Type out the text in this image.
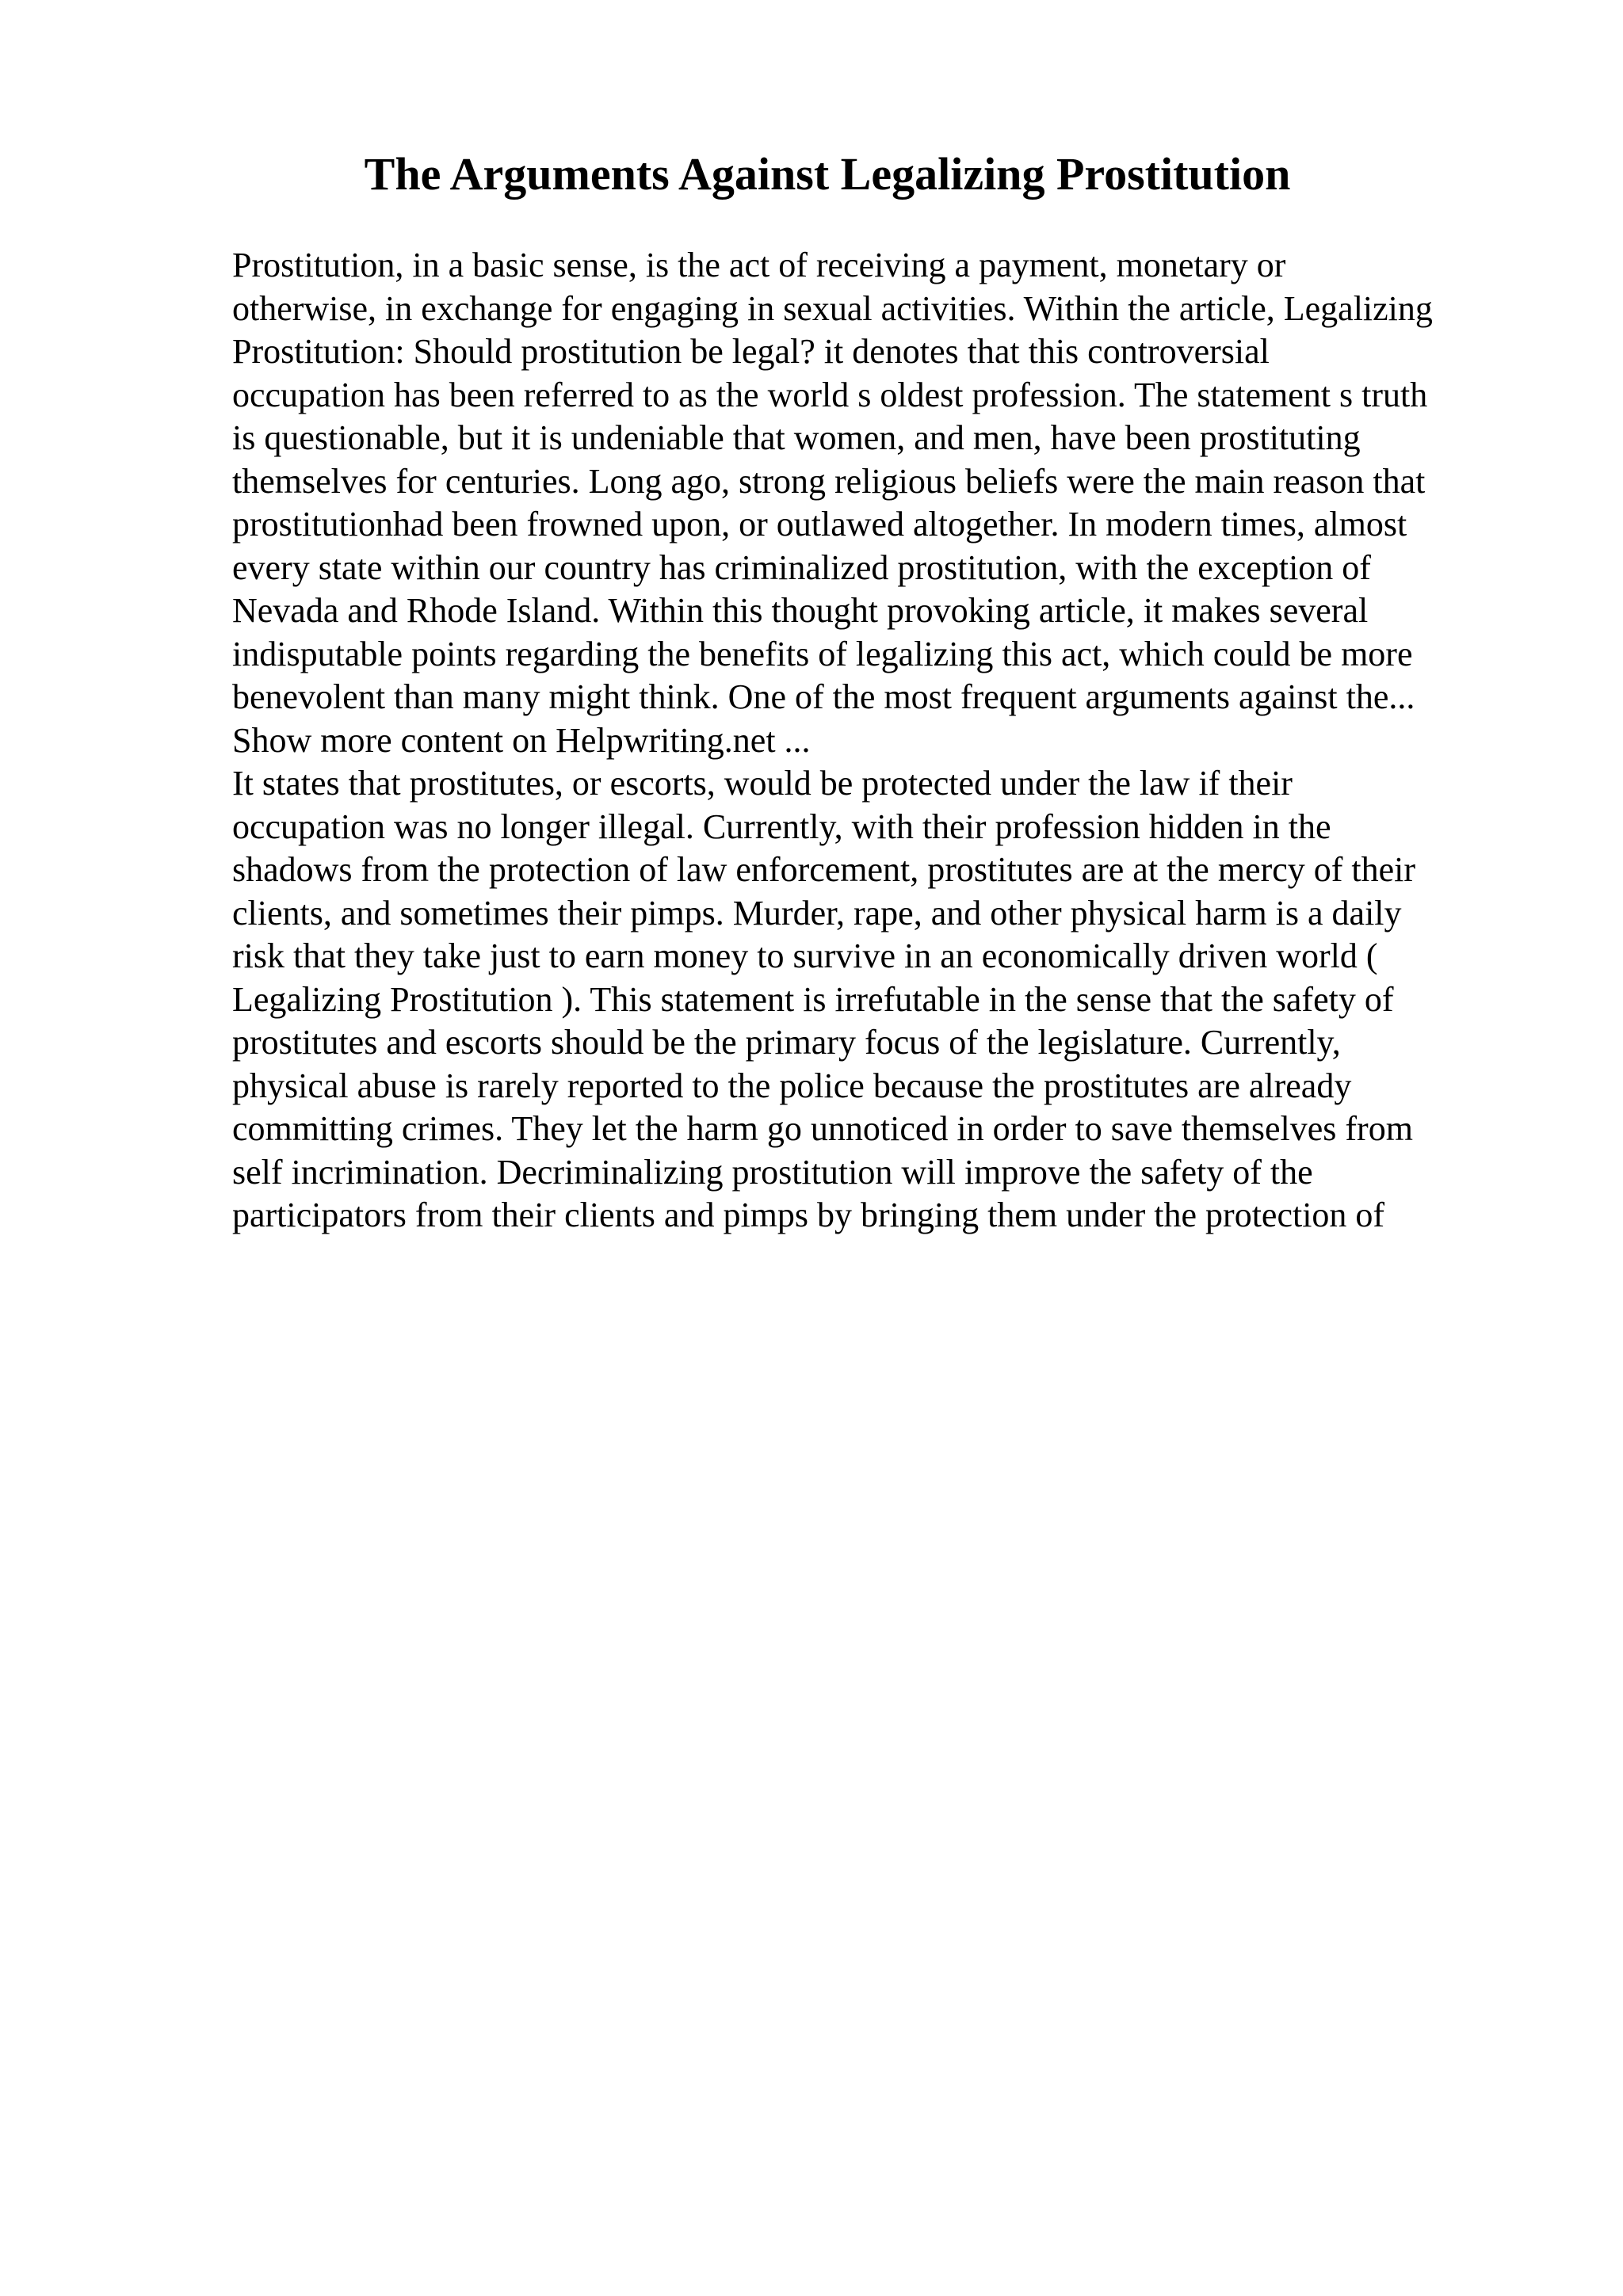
The Arguments Against Legalizing Prostitution
Prostitution, in a basic sense, is the act of receiving a payment, monetary or
otherwise, in exchange for engaging in sexual activities. Within the article, Legalizing
Prostitution: Should prostitution be legal? it denotes that this controversial
occupation has been referred to as the world s oldest profession. The statement s truth
is questionable, but it is undeniable that women, and men, have been prostituting
themselves for centuries. Long ago, strong religious beliefs were the main reason that
prostitutionhad been frowned upon, or outlawed altogether. In modern times, almost
every state within our country has criminalized prostitution, with the exception of
Nevada and Rhode Island. Within this thought provoking article, it makes several
indisputable points regarding the benefits of legalizing this act, which could be more
benevolent than many might think. One of the most frequent arguments against the...
Show more content on Helpwriting.net ...
It states that prostitutes, or escorts, would be protected under the law if their
occupation was no longer illegal. Currently, with their profession hidden in the
shadows from the protection of law enforcement, prostitutes are at the mercy of their
clients, and sometimes their pimps. Murder, rape, and other physical harm is a daily
risk that they take just to earn money to survive in an economically driven world (
Legalizing Prostitution ). This statement is irrefutable in the sense that the safety of
prostitutes and escorts should be the primary focus of the legislature. Currently,
physical abuse is rarely reported to the police because the prostitutes are already
committing crimes. They let the harm go unnoticed in order to save themselves from
self incrimination. Decriminalizing prostitution will improve the safety of the
participators from their clients and pimps by bringing them under the protection of
